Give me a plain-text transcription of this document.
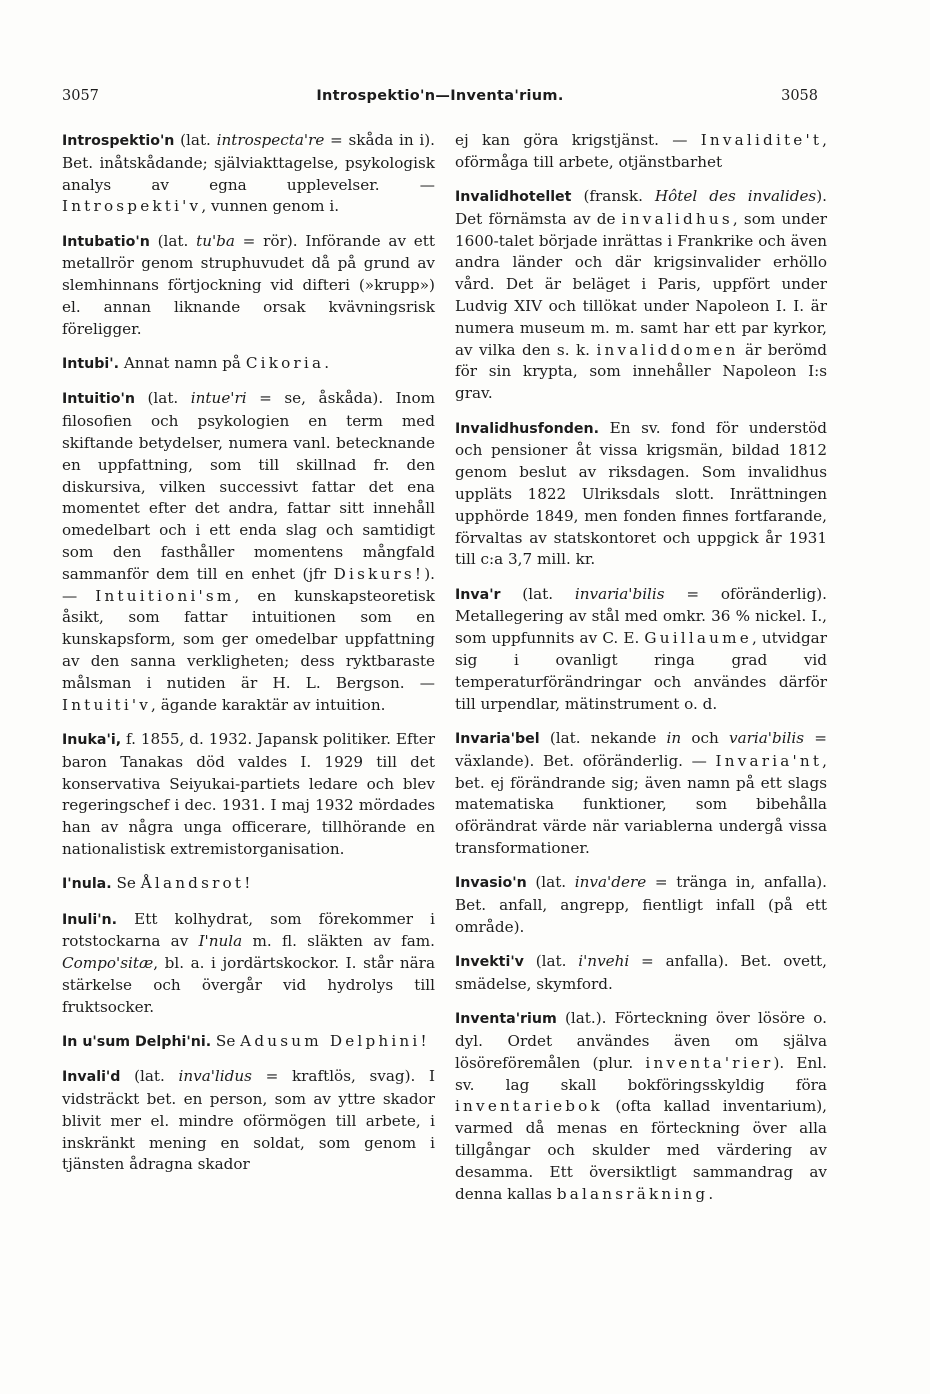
3057	Introspektio'n—Inventa'rium.	3058

Introspektio'n (lat. introspecta're = skåda in i). Bet. inåtskådande; själviakttagelse, psykologisk analys av egna upplevelser. — Introspekti'v, vunnen genom i.

Intubatio'n (lat. tu'ba = rör). Införande av ett metallrör genom struphuvudet då på grund av slemhinnans förtjockning vid difteri (»krupp») el. annan liknande orsak kvävningsrisk föreligger.

Intubi'. Annat namn på Cikoria.

Intuitio'n (lat. intue'ri = se, åskåda). Inom filosofien och psykologien en term med skiftande betydelser, numera vanl. betecknande en uppfattning, som till skillnad fr. den diskursiva, vilken successivt fattar det ena momentet efter det andra, fattar sitt innehåll omedelbart och i ett enda slag och samtidigt som den fasthåller momentens mångfald sammanför dem till en enhet (jfr Diskurs!). — Intuitioni'sm, en kunskapsteoretisk åsikt, som fattar intuitionen som en kunskapsform, som ger omedelbar uppfattning av den sanna verkligheten; dess ryktbaraste målsman i nutiden är H. L. Bergson. — Intuiti'v, ägande karaktär av intuition.

Inuka'i, f. 1855, d. 1932. Japansk politiker. Efter baron Tanakas död valdes I. 1929 till det konservativa Seiyukai-partiets ledare och blev regeringschef i dec. 1931. I maj 1932 mördades han av några unga officerare, tillhörande en nationalistisk extremistorganisation.

I'nula. Se Ålandsrot!

Inuli'n. Ett kolhydrat, som förekommer i rotstockarna av I'nula m. fl. släkten av fam. Compo'sitæ, bl. a. i jordärtskockor. I. står nära stärkelse och övergår vid hydrolys till fruktsocker.

In u'sum Delphi'ni. Se Adusum Delphini!

Invali'd (lat. inva'lidus = kraftlös, svag). I vidsträckt bet. en person, som av yttre skador blivit mer el. mindre oförmögen till arbete, i inskränkt mening en soldat, som genom i tjänsten ådragna skador

ej kan göra krigstjänst. — Invalidite't, oförmåga till arbete, otjänstbarhet

Invalidhotellet (fransk. Hôtel des invalides). Det förnämsta av de invalidhus, som under 1600-talet började inrättas i Frankrike och även andra länder och där krigsinvalider erhöllo vård. Det är beläget i Paris, uppfört under Ludvig XIV och tillökat under Napoleon I. I. är numera museum m. m. samt har ett par kyrkor, av vilka den s. k. invaliddomen är berömd för sin krypta, som innehåller Napoleon I:s grav.

Invalidhusfonden. En sv. fond för understöd och pensioner åt vissa krigsmän, bildad 1812 genom beslut av riksdagen. Som invalidhus uppläts 1822 Ulriksdals slott. Inrättningen upphörde 1849, men fonden finnes fortfarande, förvaltas av statskontoret och uppgick år 1931 till c:a 3,7 mill. kr.

Inva'r (lat. invaria'bilis = oföränderlig). Metallegering av stål med omkr. 36 % nickel. I., som uppfunnits av C. E. Guillaume, utvidgar sig i ovanligt ringa grad vid temperaturförändringar och användes därför till urpendlar, mätinstrument o. d.

Invaria'bel (lat. nekande in och varia'bilis = växlande). Bet. oföränderlig. — Invaria'nt, bet. ej förändrande sig; även namn på ett slags matematiska funktioner, som bibehålla oförändrat värde när variablerna undergå vissa transformationer.

Invasio'n (lat. inva'dere = tränga in, anfalla). Bet. anfall, angrepp, fientligt infall (på ett område).

Invekti'v (lat. i'nvehi = anfalla). Bet. ovett, smädelse, skymford.

Inventa'rium (lat.). Förteckning över lösöre o. dyl. Ordet användes även om själva lösöreföremålen (plur. inventa'rier). Enl. sv. lag skall bokföringsskyldig föra inventariebok (ofta kallad inventarium), varmed då menas en förteckning över alla tillgångar och skulder med värdering av desamma. Ett översiktligt sammandrag av denna kallas balansräkning.
